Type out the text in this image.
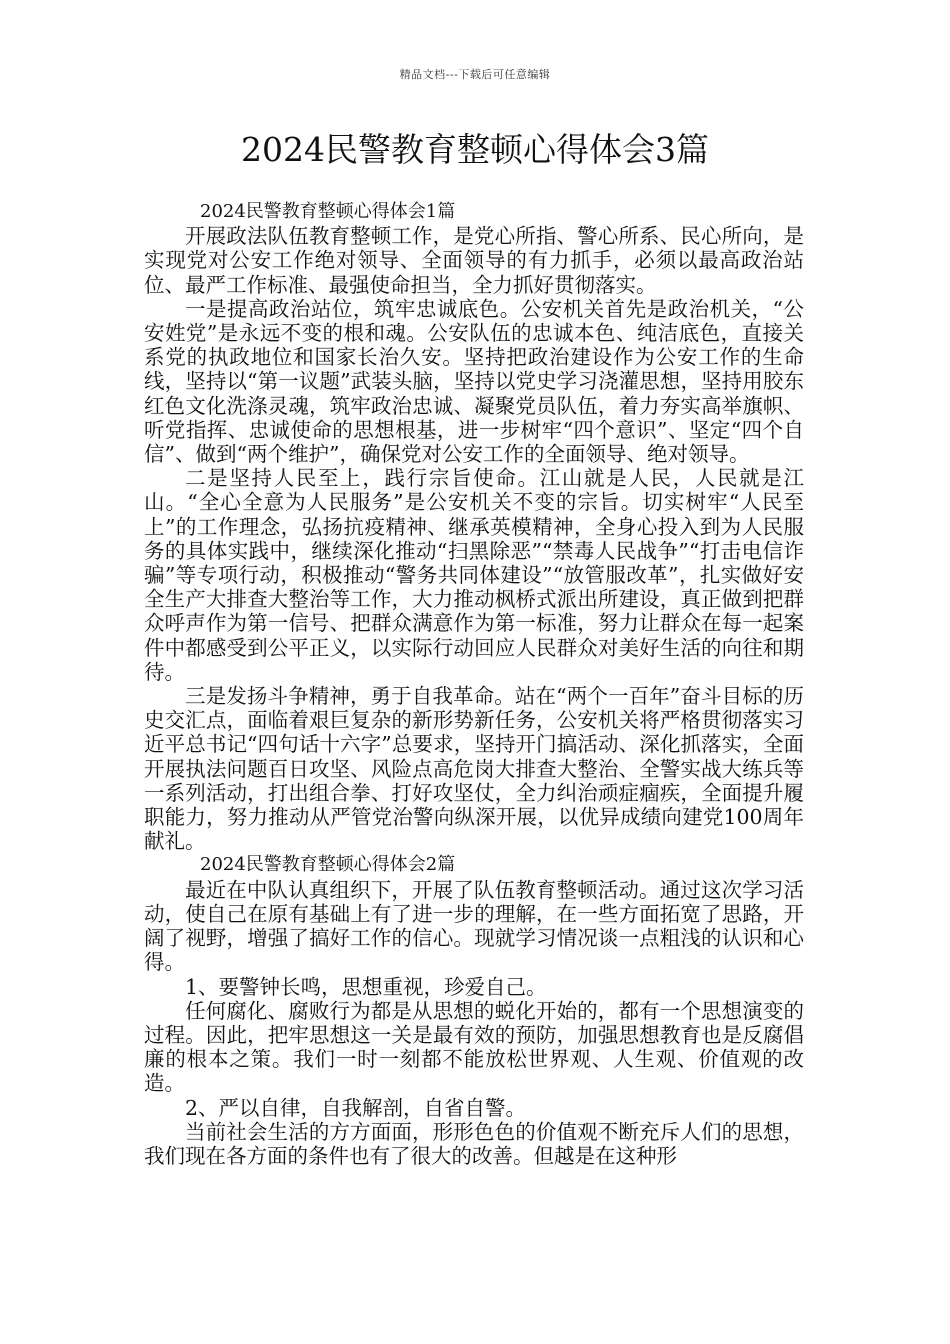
精品文档---下载后可任意编辑
2024民警教育整顿心得体会3篇
2024民警教育整顿心得体会1篇

开展政法队伍教育整顿工作，是党心所指、警心所系、民心所向，是实现党对公安工作绝对领导、全面领导的有力抓手，必须以最高政治站位、最严工作标准、最强使命担当，全力抓好贯彻落实。

一是提高政治站位，筑牢忠诚底色。公安机关首先是政治机关，“公安姓党”是永远不变的根和魂。公安队伍的忠诚本色、纯洁底色，直接关系党的执政地位和国家长治久安。坚持把政治建设作为公安工作的生命线，坚持以“第一议题”武装头脑，坚持以党史学习浇灌思想，坚持用胶东红色文化洗涤灵魂，筑牢政治忠诚、凝聚党员队伍，着力夯实高举旗帜、听党指挥、忠诚使命的思想根基，进一步树牢“四个意识”、坚定“四个自信”、做到“两个维护”，确保党对公安工作的全面领导、绝对领导。

二是坚持人民至上，践行宗旨使命。江山就是人民，人民就是江山。“全心全意为人民服务”是公安机关不变的宗旨。切实树牢“人民至上”的工作理念，弘扬抗疫精神、继承英模精神，全身心投入到为人民服务的具体实践中，继续深化推动“扫黑除恶”“禁毒人民战争”“打击电信诈骗”等专项行动，积极推动“警务共同体建设”“放管服改革”，扎实做好安全生产大排查大整治等工作，大力推动枫桥式派出所建设，真正做到把群众呼声作为第一信号、把群众满意作为第一标准，努力让群众在每一起案件中都感受到公平正义，以实际行动回应人民群众对美好生活的向往和期待。

三是发扬斗争精神，勇于自我革命。站在“两个一百年”奋斗目标的历史交汇点，面临着艰巨复杂的新形势新任务，公安机关将严格贯彻落实习近平总书记“四句话十六字”总要求，坚持开门搞活动、深化抓落实，全面开展执法问题百日攻坚、风险点高危岗大排查大整治、全警实战大练兵等一系列活动，打出组合拳、打好攻坚仗，全力纠治顽症痼疾，全面提升履职能力，努力推动从严管党治警向纵深开展，以优异成绩向建党100周年献礼。

2024民警教育整顿心得体会2篇

最近在中队认真组织下，开展了队伍教育整顿活动。通过这次学习活动，使自己在原有基础上有了进一步的理解，在一些方面拓宽了思路，开阔了视野，增强了搞好工作的信心。现就学习情况谈一点粗浅的认识和心得。

1、要警钟长鸣，思想重视，珍爱自己。

任何腐化、腐败行为都是从思想的蜕化开始的，都有一个思想演变的过程。因此，把牢思想这一关是最有效的预防，加强思想教育也是反腐倡廉的根本之策。我们一时一刻都不能放松世界观、人生观、价值观的改造。

2、严以自律，自我解剖，自省自警。

当前社会生活的方方面面，形形色色的价值观不断充斥人们的思想，我们现在各方面的条件也有了很大的改善。但越是在这种形
